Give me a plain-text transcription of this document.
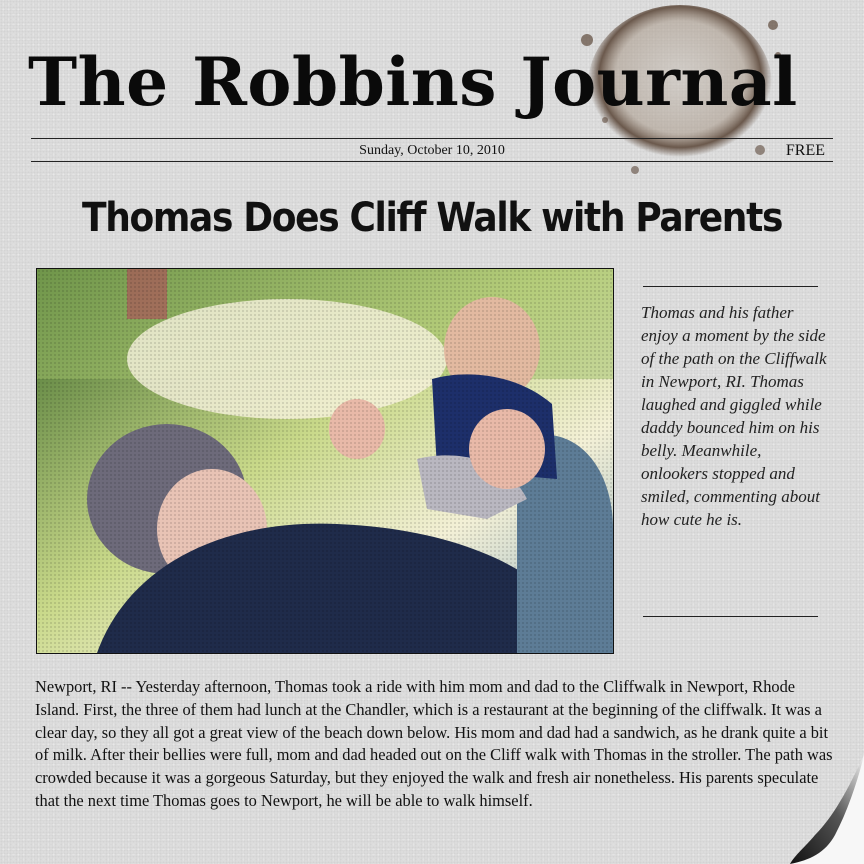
The Robbins Journal
Sunday, October 10, 2010	FREE
Thomas Does Cliff Walk with Parents
Thomas and his father enjoy a moment by the side of the path on the Cliffwalk in Newport, RI. Thomas laughed and giggled while daddy bounced him on his belly. Meanwhile, onlookers stopped and smiled, commenting about how cute he is.
Newport, RI -- Yesterday afternoon, Thomas took a ride with him mom and dad to the Cliffwalk in Newport, Rhode Island. First, the three of them had lunch at the Chandler, which is a restaurant at the beginning of the cliffwalk. It was a clear day, so they all got a great view of the beach down below. His mom and dad had a sandwich, as he drank quite a bit of milk. After their bellies were full, mom and dad headed out on the Cliff walk with Thomas in the stroller. The path was crowded because it was a gorgeous Saturday, but they enjoyed the walk and fresh air nonetheless. His parents speculate that the next time Thomas goes to Newport, he will be able to walk himself.
